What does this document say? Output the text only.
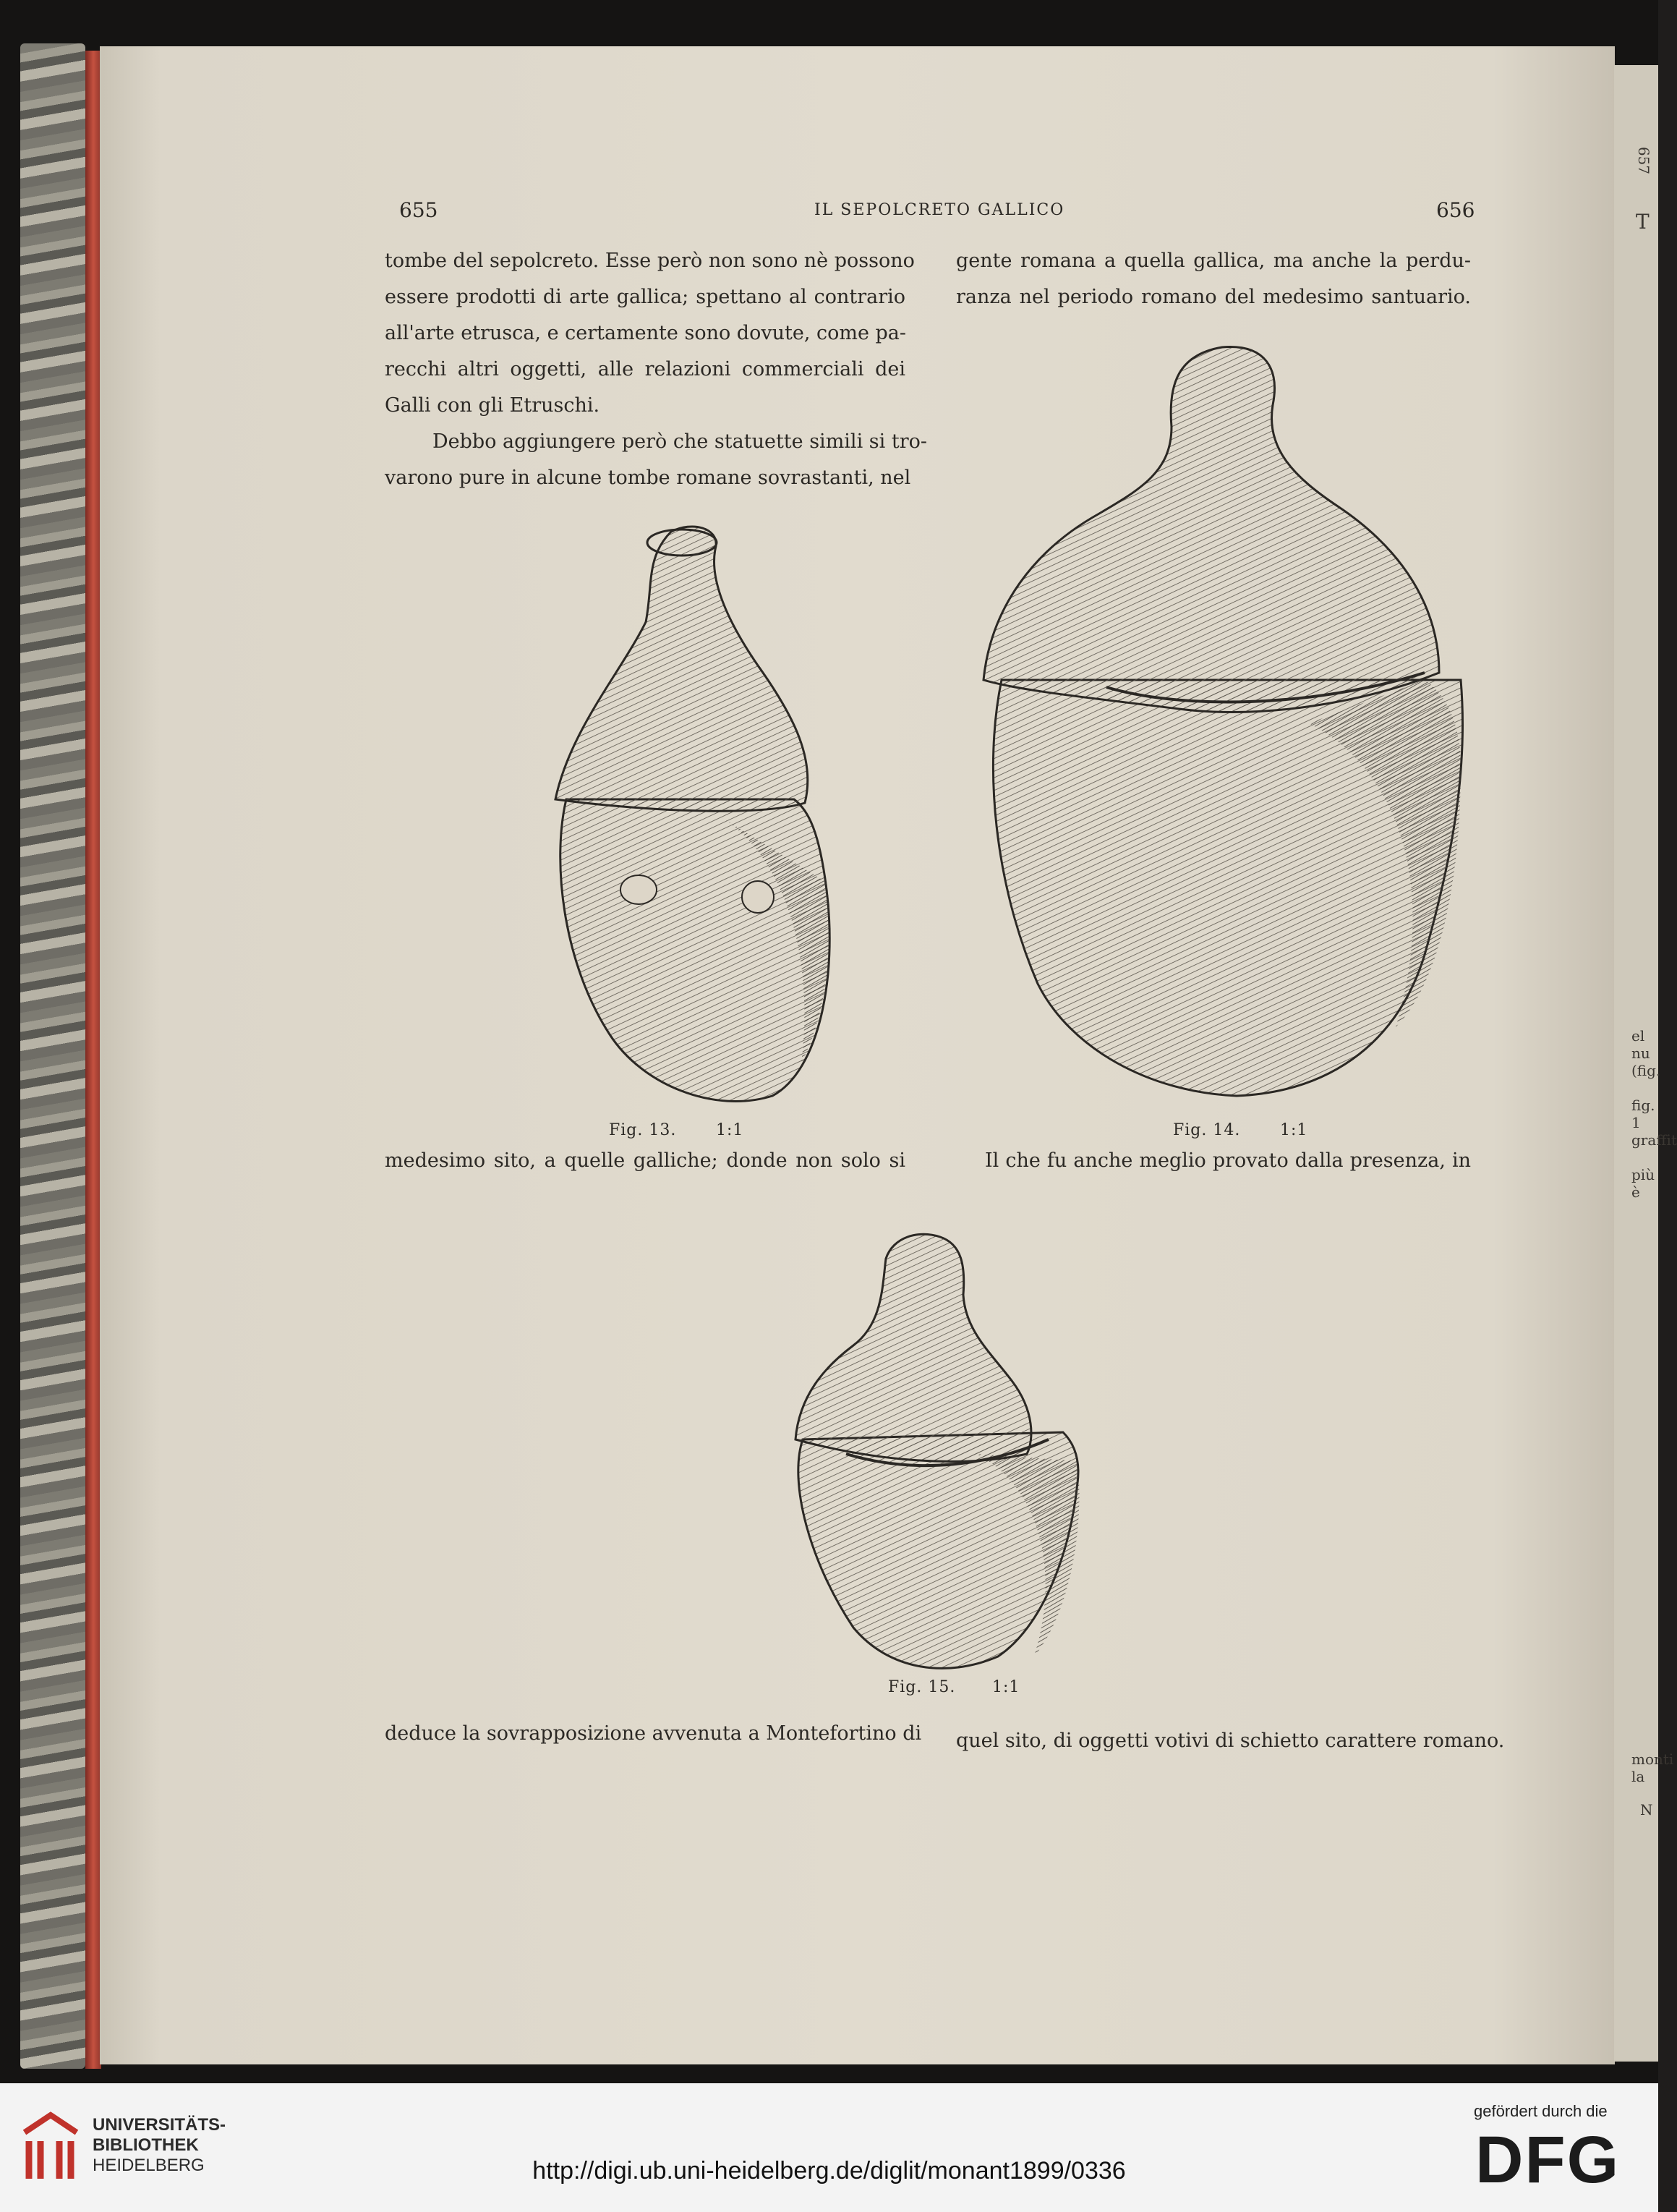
657
T
el nu
(fig.
fig. 1
graffit
più è
monti la
N
655	IL SEPOLCRETO GALLICO	656
tombe del sepolcreto. Esse però non sono nè possono
essere prodotti di arte gallica; spettano al contrario
all'arte etrusca, e certamente sono dovute, come pa-
recchi altri oggetti, alle relazioni commerciali dei
Galli con gli Etruschi.
Debbo aggiungere però che statuette simili si tro-
varono pure in alcune tombe romane sovrastanti, nel
gente romana a quella gallica, ma anche la perdu-
ranza nel periodo romano del medesimo santuario.
Fig. 13. 1:1	Fig. 14. 1:1
medesimo sito, a quelle galliche; donde non solo si	Il che fu anche meglio provato dalla presenza, in
Fig. 15. 1:1
deduce la sovrapposizione avvenuta a Montefortino di quel sito, di oggetti votivi di schietto carattere romano.
UNIVERSITÄTS-
BIBLIOTHEK
HEIDELBERG	http://digi.ub.uni-heidelberg.de/diglit/monant1899/0336
gefördert durch die
DFG
